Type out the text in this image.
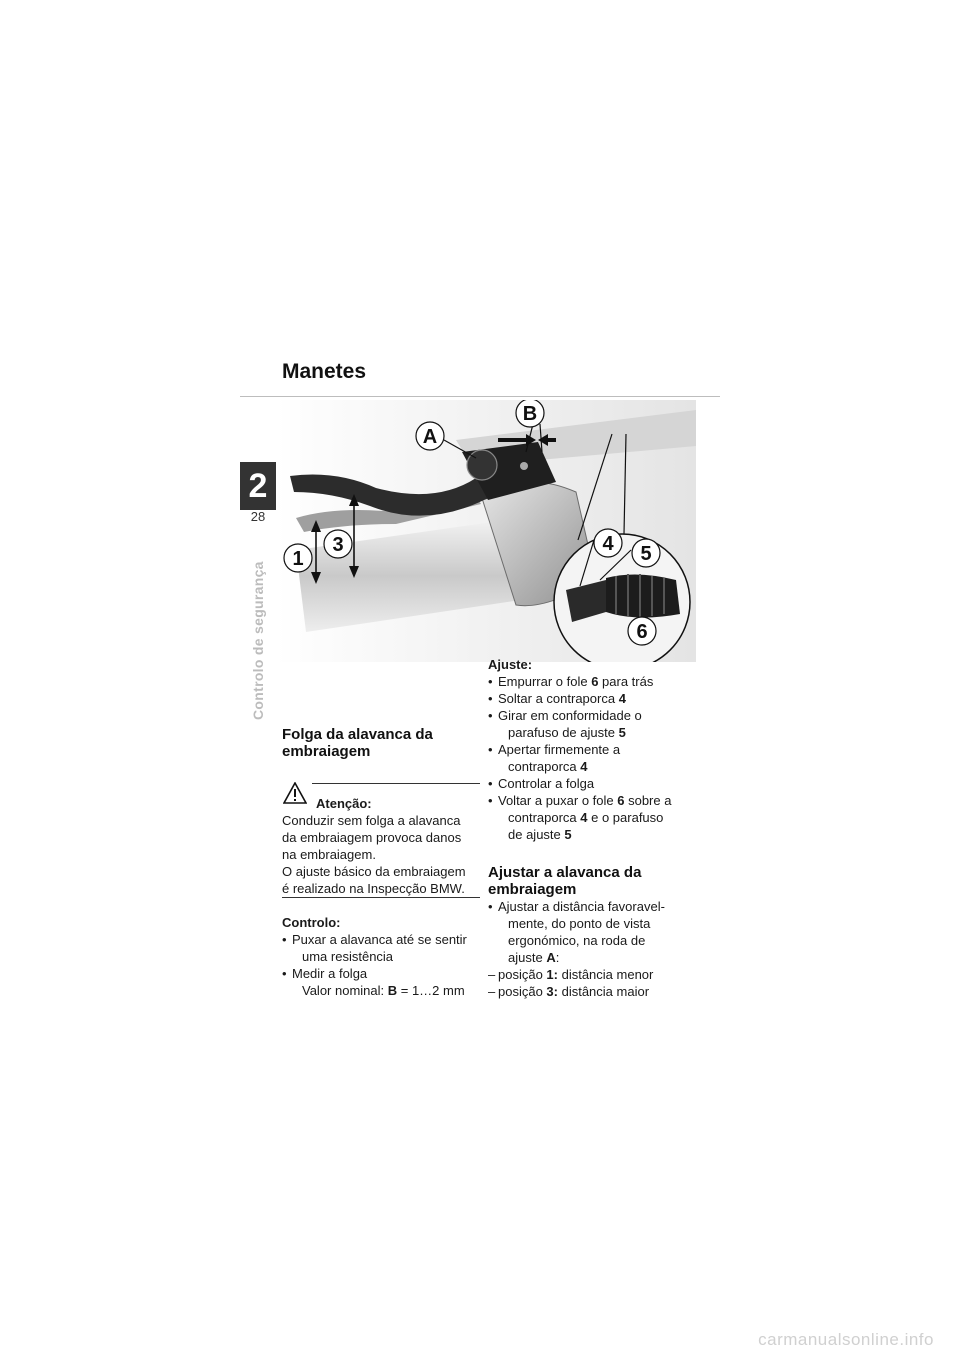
Manetes
2
28
Controlo de segurança
A
B
1
3	4 5
6
Folga da alavanca da embraiagem
Atenção:
Conduzir sem folga a alavanca
da embraiagem provoca danos
na embraiagem.
O ajuste básico da embraiagem
é realizado na Inspecção BMW.
Controlo:
• Puxar a alavanca até se sentir
uma resistência
• Medir a folga
Valor nominal: B = 1…2 mm
Ajuste:
• Empurrar o fole 6 para trás
• Soltar a contraporca 4
• Girar em conformidade o
parafuso de ajuste 5
• Apertar firmemente a
contraporca 4
• Controlar a folga
• Voltar a puxar o fole 6 sobre a
contraporca 4 e o parafuso
de ajuste 5
Ajustar a alavanca da embraiagem
• Ajustar a distância favoravel-
mente, do ponto de vista
ergonómico, na roda de
ajuste A:
– posição 1: distância menor
– posição 3: distância maior
carmanualsonline.info
